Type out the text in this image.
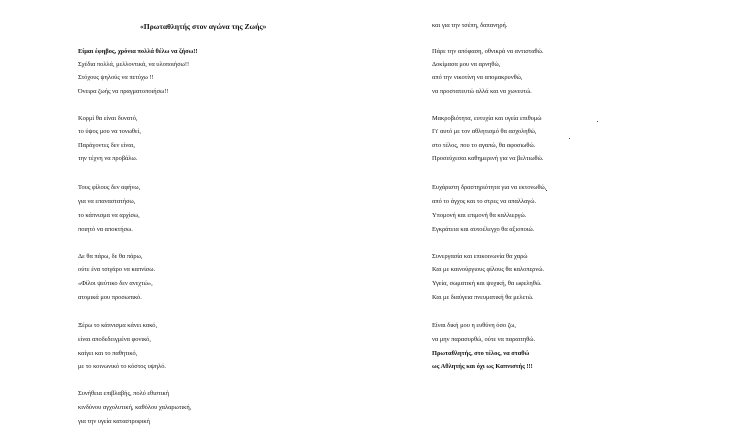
«Πρωταθλητής στον αγώνα της Ζωής»
Είμαι έφηβος, χρόνια πολλά θέλω να ζήσω!!
Σχέδια πολλά, μελλοντικά, να υλοποιήσω!!
Στόχους ψηλούς να πετύχω !!
Όνειρα ζωής να πραγματοποιήσω!!
Κορμί θα είναι δυνατό,
το ύψος μου να τονωθεί,
Παράγοντες δεν είναι,
την τέχνη να προβάλω.
Τους φίλους δεν αφήνω,
για να επαναστατήσω,
το κάπνισμα να αρχίσω,
ποιητό να αποκτήσω.
Δε θα πάρω, δε θα πάρω,
ούτε ένα τσιγάρο να καπνίσω.
«Φίλοι ψεύτικο δεν ανεχτώ»,
ατομικά μου προσωπικό.
Ξέρω το κάπνισμα κάνει κακό,
είναι αποδεδειγμένα φονικό,
καίγει και το παθητικό,
με το κοινωνικό το κόστος υψηλό.
Συνήθεια επιβλαβής, πολύ εθιστική
κινδύνου αγχολυτική, καθόλου χαλαρωτική,
για την υγεία καταστροφική
και για την τσέπη, δαπανηρή.
Πάρε την απόφαση, οθνικρά να αντισταθώ.
Δοκίμασα μου να αρνηθώ,
από την νικοτίνη να απομακρυνθώ,
να προστατευτώ αλλά και να χωνευτώ.
Μακροβιότητα, ευτυχία και υγεία επιθυμώ
Γι' αυτό με τον αθλητισμό θα ασχοληθώ,
στο τέλος, που το αγαπώ, θα αφοσιωθώ.
Προσεύχεσαι καθημερινή για να βελτιωθώ.
Ευχάριστη δραστηριότητα για να εκτονωθώ,
από το άγχος και το στρες να απαλλαγώ.
Υπομονή και επιμονή θα καλλιεργώ.
Εγκράτεια και αυτοέλεγχο θα αξιοποιώ.
Συνεργασία και επικοινωνία θα χαρώ
Και με καινούργιους φίλους θα καλοπερνώ.
Υγεία, σωματική και ψυχική, θα ωφεληθώ.
Και με διαύγεια πνευματική θα μελετώ.
Είναι δική μου η ευθύνη όσο ζω,
να μην παρασυρθώ, ούτε να παραιτηθώ.
Πρωταθλητής, στο τέλος, να σταθώ
ως Αθλητής και όχι ως Καπνιστής !!!
